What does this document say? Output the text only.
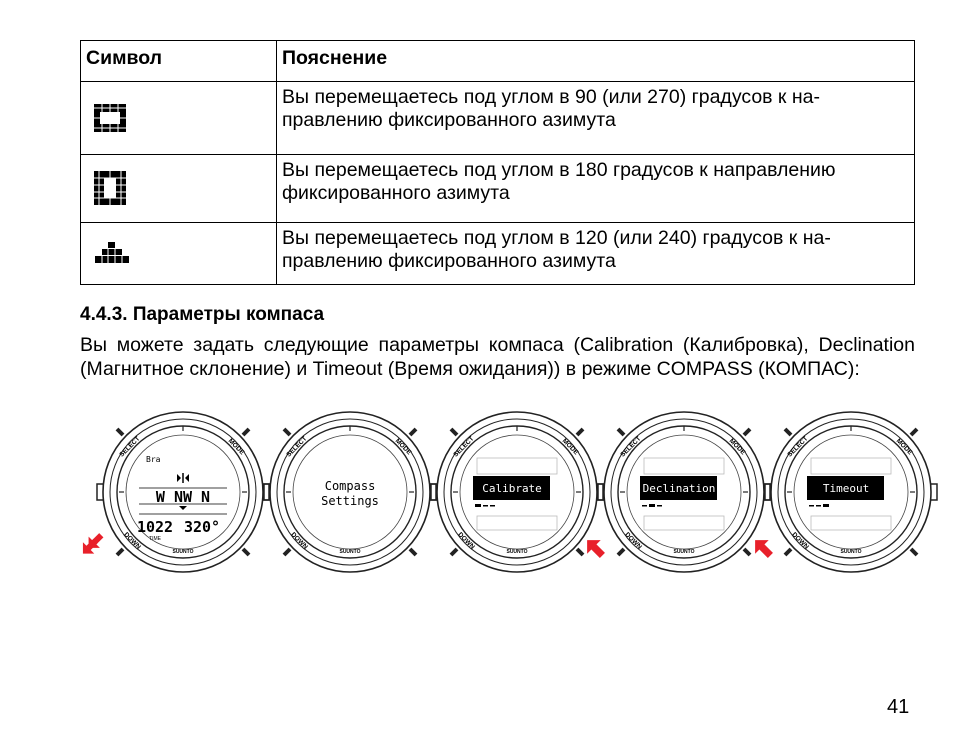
Символ	Пояснение

	Вы перемещаетесь под углом в 90 (или 270) градусов к на-правлению фиксированного азимута

	Вы перемещаетесь под углом в 180 градусов к направлению фиксированного азимута

	Вы перемещаетесь под углом в 120 (или 240) градусов к на-правлению фиксированного азимута
4.4.3. Параметры компаса
Вы можете задать следующие параметры компаса (Calibration (Калибровка), Declination (Магнитное склонение) и Timeout (Время ожидания)) в режиме COMPASS (КОМПАС):
SELECT	MODE
DOWN
SUUNTO
Bra
W NW N
1022 320°
TIME
SELECT	MODE
DOWN
SUUNTO
Compass
Settings
SELECT	MODE
DOWN
SUUNTO
Calibrate
SELECT	MODE
DOWN
SUUNTO
Declination
SELECT	MODE
DOWN
SUUNTO
Timeout
41
